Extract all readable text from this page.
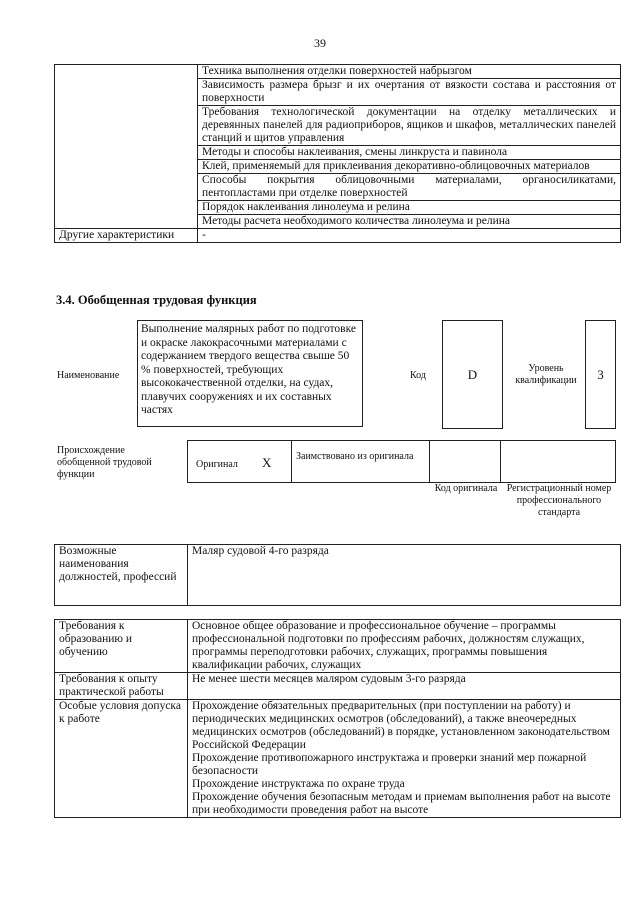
39
	Техника выполнения отделки поверхностей набрызгом
	Зависимость размера брызг и их очертания от вязкости состава и расстояния от поверхности
	Требования технологической документации на отделку металлических и деревянных панелей для радиоприборов, ящиков и шкафов, металлических панелей станций и щитов управления
	Методы и способы наклеивания, смены линкруста и павинола
	Клей, применяемый для приклеивания декоративно-облицовочных материалов
	Способы покрытия облицовочными материалами, органосиликатами, пентопластами при отделке поверхностей
	Порядок наклеивания линолеума и релина
	Методы расчета необходимого количества линолеума и релина
Другие характеристики	-
3.4. Обобщенная трудовая функция
Наименование
Выполнение малярных работ по подготовке и окраске лакокрасочными материалами с содержанием твердого вещества свыше 50 % поверхностей, требующих высококачественной отделки, на судах, плавучих сооружениях и их составных частях
Код	D	Уровень квалификации	3
Происхождение обобщенной трудовой функции
Оригинал X Заимствовано из оригинала
Код оригинала Регистрационный номер профессионального стандарта
Возможные наименования должностей, профессий	Маляр судовой 4-го разряда
Требования к образованию и обучению	Основное общее образование и профессиональное обучение – программы профессиональной подготовки по профессиям рабочих, должностям служащих, программы переподготовки рабочих, служащих, программы повышения квалификации рабочих, служащих
Требования к опыту практической работы	Не менее шести месяцев маляром судовым 3-го разряда
Особые условия допуска к работе	Прохождение обязательных предварительных (при поступлении на работу) и периодических медицинских осмотров (обследований), а также внеочередных медицинских осмотров (обследований) в порядке, установленном законодательством Российской Федерации

Прохождение противопожарного инструктажа и проверки знаний мер пожарной безопасности

Прохождение инструктажа по охране труда

Прохождение обучения безопасным методам и приемам выполнения работ на высоте при необходимости проведения работ на высоте
